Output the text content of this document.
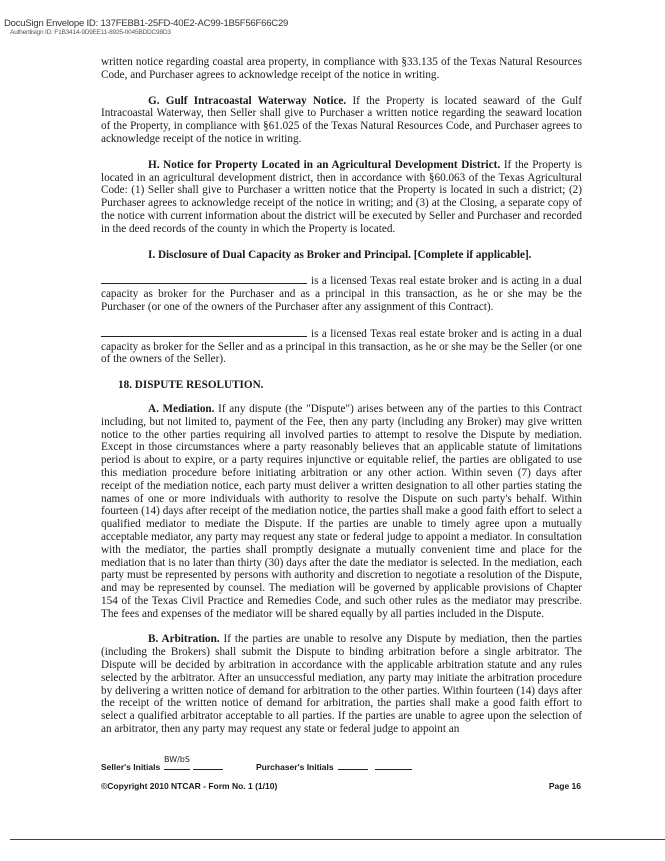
DocuSign Envelope ID: 137FEBB1-25FD-40E2-AC99-1B5F56F66C29
Authentisign ID: F1B3414-9D9EE11-8925-0045BDDC98D3

written notice regarding coastal area property, in compliance with §33.135 of the Texas Natural Resources Code, and Purchaser agrees to acknowledge receipt of the notice in writing.

G. Gulf Intracoastal Waterway Notice. If the Property is located seaward of the Gulf Intracoastal Waterway, then Seller shall give to Purchaser a written notice regarding the seaward location of the Property, in compliance with §61.025 of the Texas Natural Resources Code, and Purchaser agrees to acknowledge receipt of the notice in writing.

H. Notice for Property Located in an Agricultural Development District. If the Property is located in an agricultural development district, then in accordance with §60.063 of the Texas Agricultural Code: (1) Seller shall give to Purchaser a written notice that the Property is located in such a district; (2) Purchaser agrees to acknowledge receipt of the notice in writing; and (3) at the Closing, a separate copy of the notice with current information about the district will be executed by Seller and Purchaser and recorded in the deed records of the county in which the Property is located.

I. Disclosure of Dual Capacity as Broker and Principal. [Complete if applicable].

is a licensed Texas real estate broker and is acting in a dual capacity as broker for the Purchaser and as a principal in this transaction, as he or she may be the Purchaser (or one of the owners of the Purchaser after any assignment of this Contract).

is a licensed Texas real estate broker and is acting in a dual capacity as broker for the Seller and as a principal in this transaction, as he or she may be the Seller (or one of the owners of the Seller).

18. DISPUTE RESOLUTION.

A. Mediation. If any dispute (the "Dispute") arises between any of the parties to this Contract including, but not limited to, payment of the Fee, then any party (including any Broker) may give written notice to the other parties requiring all involved parties to attempt to resolve the Dispute by mediation. Except in those circumstances where a party reasonably believes that an applicable statute of limitations period is about to expire, or a party requires injunctive or equitable relief, the parties are obligated to use this mediation procedure before initiating arbitration or any other action. Within seven (7) days after receipt of the mediation notice, each party must deliver a written designation to all other parties stating the names of one or more individuals with authority to resolve the Dispute on such party's behalf. Within fourteen (14) days after receipt of the mediation notice, the parties shall make a good faith effort to select a qualified mediator to mediate the Dispute. If the parties are unable to timely agree upon a mutually acceptable mediator, any party may request any state or federal judge to appoint a mediator. In consultation with the mediator, the parties shall promptly designate a mutually convenient time and place for the mediation that is no later than thirty (30) days after the date the mediator is selected. In the mediation, each party must be represented by persons with authority and discretion to negotiate a resolution of the Dispute, and may be represented by counsel. The mediation will be governed by applicable provisions of Chapter 154 of the Texas Civil Practice and Remedies Code, and such other rules as the mediator may prescribe. The fees and expenses of the mediator will be shared equally by all parties included in the Dispute.

B. Arbitration. If the parties are unable to resolve any Dispute by mediation, then the parties (including the Brokers) shall submit the Dispute to binding arbitration before a single arbitrator. The Dispute will be decided by arbitration in accordance with the applicable arbitration statute and any rules selected by the arbitrator. After an unsuccessful mediation, any party may initiate the arbitration procedure by delivering a written notice of demand for arbitration to the other parties. Within fourteen (14) days after the receipt of the written notice of demand for arbitration, the parties shall make a good faith effort to select a qualified arbitrator acceptable to all parties. If the parties are unable to agree upon the selection of an arbitrator, then any party may request any state or federal judge to appoint an

Seller's Initials
BW/bS
Purchaser's Initials
©Copyright 2010 NTCAR - Form No. 1 (1/10)	Page 16
